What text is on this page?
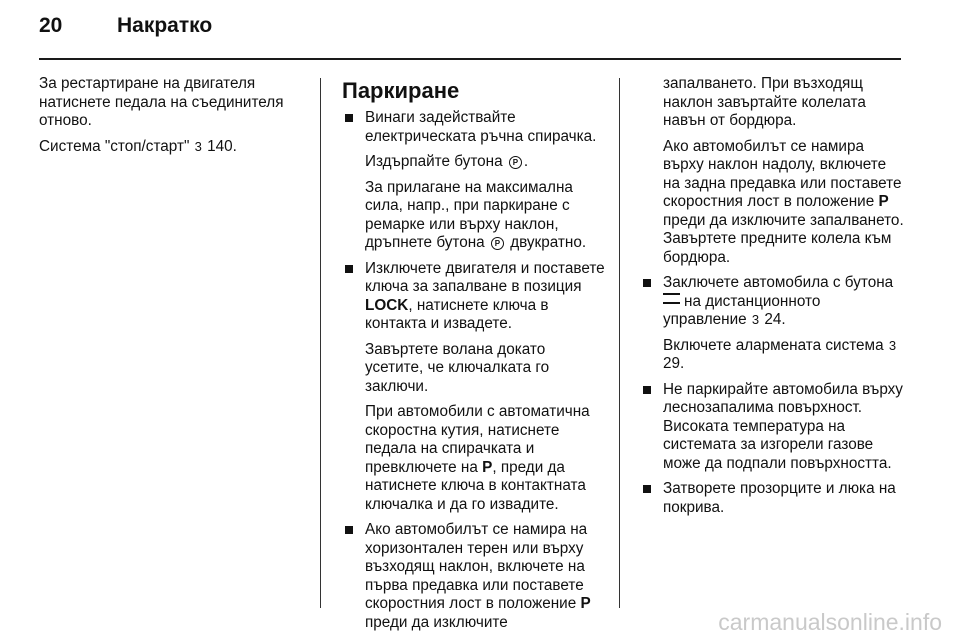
20	Накратко

За рестартиране на двигателя натиснете педала на съединителя отново.

Система "стоп/старт" 3 140.

Паркиране

Винаги задействайте електрическата ръчна спирачка.

Издърпайте бутона P .

За прилагане на максимална сила, напр., при паркиране с ремарке или върху наклон, дръпнете бутона P двукратно.

Изключете двигателя и поставете ключа за запалване в позиция LOCK, натиснете ключа в контакта и извадете.

Завъртете волана докато усетите, че ключалката го заключи.

При автомобили с автоматична скоростна кутия, натиснете педала на спирачката и превключете на P, преди да натиснете ключа в контактната ключалка и да го извадите.

Ако автомобилът се намира на хоризонтален терен или върху възходящ наклон, включете на първа предавка или поставете скоростния лост в положение P преди да изключите

запалването. При възходящ наклон завъртайте колелата навън от бордюра.

Ако автомобилът се намира върху наклон надолу, включете на задна предавка или поставете скоростния лост в положение P преди да изключите запалването. Завъртете предните колела към бордюра.

Заключете автомобила с бутона на дистанционното управление 3 24.

Включете алармената система 3 29.

Не паркирайте автомобила върху леснозапалима повърхност. Високата температура на системата за изгорели газове може да подпали повърхността.

Затворете прозорците и люка на покрива.

carmanualsonline.info
